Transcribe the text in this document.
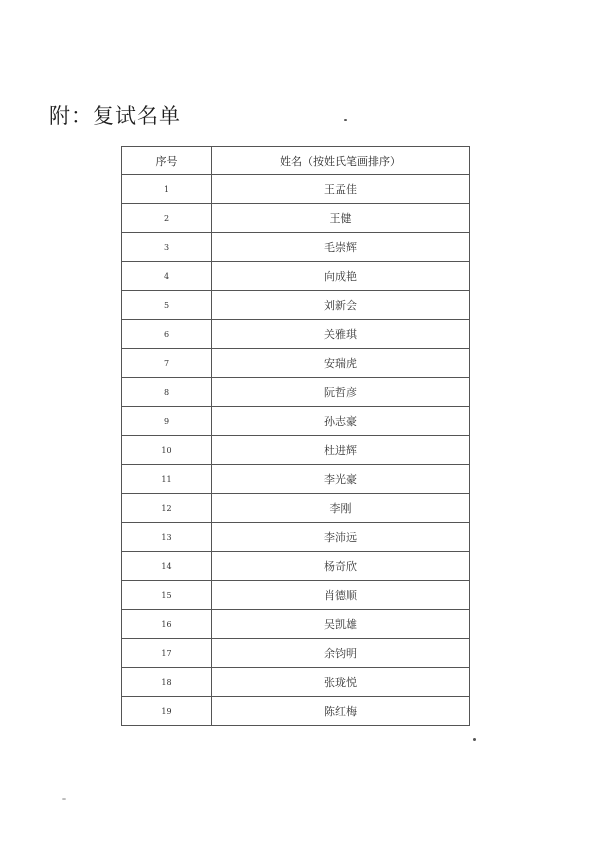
附：复试名单
序号	姓名（按姓氏笔画排序）
1	王孟佳
2	王健
3	毛崇辉
4	向成艳
5	刘新会
6	关雅琪
7	安瑞虎
8	阮哲彦
9	孙志豪
10	杜进辉
11	李光豪
12	李刚
13	李沛远
14	杨奇欣
15	肖德顺
16	吴凯雄
17	余钧明
18	张珑悦
19	陈红梅
